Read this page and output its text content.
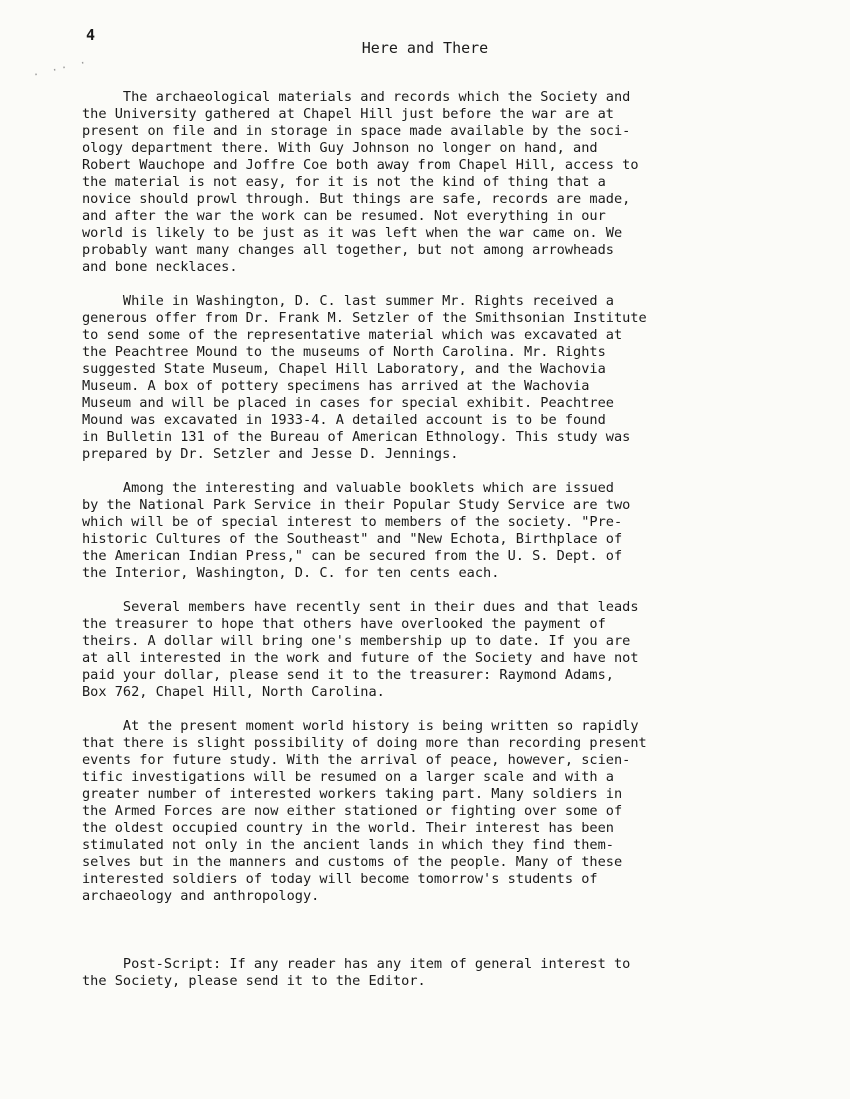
4
Here and There
· ·· ·
The archaeological materials and records which the Society and
the University gathered at Chapel Hill just before the war are at
present on file and in storage in space made available by the soci-
ology department there. With Guy Johnson no longer on hand, and
Robert Wauchope and Joffre Coe both away from Chapel Hill, access to
the material is not easy, for it is not the kind of thing that a
novice should prowl through. But things are safe, records are made,
and after the war the work can be resumed. Not everything in our
world is likely to be just as it was left when the war came on. We
probably want many changes all together, but not among arrowheads
and bone necklaces.
While in Washington, D. C. last summer Mr. Rights received a
generous offer from Dr. Frank M. Setzler of the Smithsonian Institute
to send some of the representative material which was excavated at
the Peachtree Mound to the museums of North Carolina. Mr. Rights
suggested State Museum, Chapel Hill Laboratory, and the Wachovia
Museum. A box of pottery specimens has arrived at the Wachovia
Museum and will be placed in cases for special exhibit. Peachtree
Mound was excavated in 1933-4. A detailed account is to be found
in Bulletin 131 of the Bureau of American Ethnology. This study was
prepared by Dr. Setzler and Jesse D. Jennings.
Among the interesting and valuable booklets which are issued
by the National Park Service in their Popular Study Service are two
which will be of special interest to members of the society. "Pre-
historic Cultures of the Southeast" and "New Echota, Birthplace of
the American Indian Press," can be secured from the U. S. Dept. of
the Interior, Washington, D. C. for ten cents each.
Several members have recently sent in their dues and that leads
the treasurer to hope that others have overlooked the payment of
theirs. A dollar will bring one's membership up to date. If you are
at all interested in the work and future of the Society and have not
paid your dollar, please send it to the treasurer: Raymond Adams,
Box 762, Chapel Hill, North Carolina.
At the present moment world history is being written so rapidly
that there is slight possibility of doing more than recording present
events for future study. With the arrival of peace, however, scien-
tific investigations will be resumed on a larger scale and with a
greater number of interested workers taking part. Many soldiers in
the Armed Forces are now either stationed or fighting over some of
the oldest occupied country in the world. Their interest has been
stimulated not only in the ancient lands in which they find them-
selves but in the manners and customs of the people. Many of these
interested soldiers of today will become tomorrow's students of
archaeology and anthropology.
Post-Script: If any reader has any item of general interest to
the Society, please send it to the Editor.
